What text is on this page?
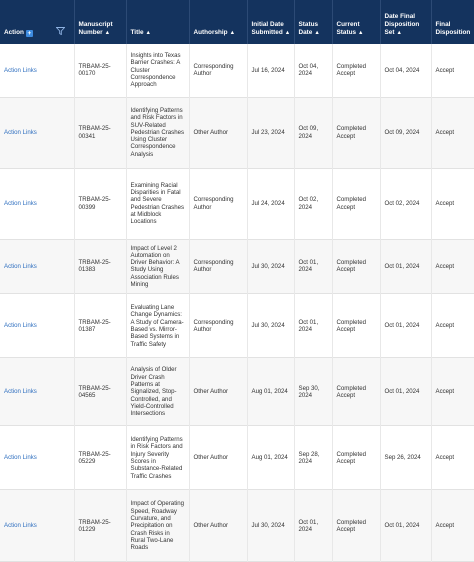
Action +	Manuscript Number ▲	Title ▲	Authorship ▲	Initial Date Submitted ▲	Status Date ▲	Current Status ▲	Date Final Disposition Set ▲	Final Disposition
Action Links	TRBAM-25-00170	Insights into Texas Barrier Crashes: A Cluster Correspondence Approach	Corresponding Author	Jul 16, 2024	Oct 04, 2024	Completed Accept	Oct 04, 2024	Accept
Action Links	TRBAM-25-00341	Identifying Patterns and Risk Factors in SUV-Related Pedestrian Crashes Using Cluster Correspondence Analysis	Other Author	Jul 23, 2024	Oct 09, 2024	Completed Accept	Oct 09, 2024	Accept
Action Links	TRBAM-25-00399	Examining Racial Disparities in Fatal and Severe Pedestrian Crashes at Midblock Locations	Corresponding Author	Jul 24, 2024	Oct 02, 2024	Completed Accept	Oct 02, 2024	Accept
Action Links	TRBAM-25-01383	Impact of Level 2 Automation on Driver Behavior: A Study Using Association Rules Mining	Corresponding Author	Jul 30, 2024	Oct 01, 2024	Completed Accept	Oct 01, 2024	Accept
Action Links	TRBAM-25-01387	Evaluating Lane Change Dynamics: A Study of Camera-Based vs. Mirror-Based Systems in Traffic Safety	Corresponding Author	Jul 30, 2024	Oct 01, 2024	Completed Accept	Oct 01, 2024	Accept
Action Links	TRBAM-25-04565	Analysis of Older Driver Crash Patterns at Signalized, Stop-Controlled, and Yield-Controlled Intersections	Other Author	Aug 01, 2024	Sep 30, 2024	Completed Accept	Oct 01, 2024	Accept
Action Links	TRBAM-25-05229	Identifying Patterns in Risk Factors and Injury Severity Scores in Substance-Related Traffic Crashes	Other Author	Aug 01, 2024	Sep 28, 2024	Completed Accept	Sep 26, 2024	Accept
Action Links	TRBAM-25-01229	Impact of Operating Speed, Roadway Curvature, and Precipitation on Crash Risks in Rural Two-Lane Roads	Other Author	Jul 30, 2024	Oct 01, 2024	Completed Accept	Oct 01, 2024	Accept
